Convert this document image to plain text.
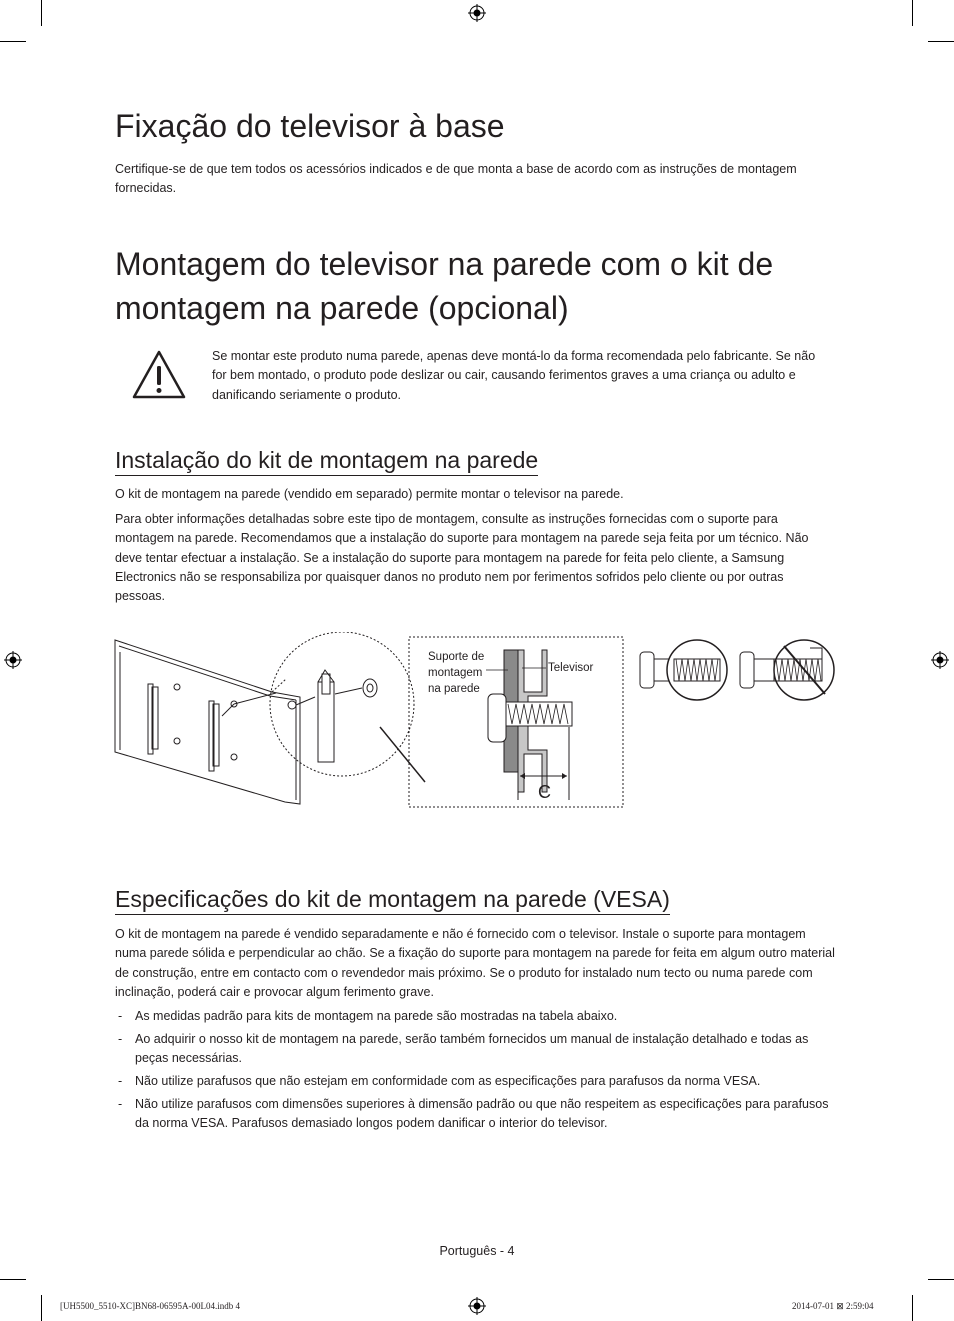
Fixação do televisor à base

Certifique-se de que tem todos os acessórios indicados e de que monta a base de acordo com as instruções de montagem fornecidas.

Montagem do televisor na parede com o kit de montagem na parede (opcional)

Se montar este produto numa parede, apenas deve montá-lo da forma recomendada pelo fabricante. Se não for bem montado, o produto pode deslizar ou cair, causando ferimentos graves a uma criança ou adulto e danificando seriamente o produto.

Instalação do kit de montagem na parede

O kit de montagem na parede (vendido em separado) permite montar o televisor na parede.

Para obter informações detalhadas sobre este tipo de montagem, consulte as instruções fornecidas com o suporte para montagem na parede. Recomendamos que a instalação do suporte para montagem na parede seja feita por um técnico. Não deve tentar efectuar a instalação. Se a instalação do suporte para montagem na parede for feita pelo cliente, a Samsung Electronics não se responsabiliza por quaisquer danos no produto nem por ferimentos sofridos pelo cliente ou por outras pessoas.

Suporte de
montagem
na parede
Televisor
C
Especificações do kit de montagem na parede (VESA)

O kit de montagem na parede é vendido separadamente e não é fornecido com o televisor. Instale o suporte para montagem numa parede sólida e perpendicular ao chão. Se a fixação do suporte para montagem na parede for feita em algum outro material de construção, entre em contacto com o revendedor mais próximo. Se o produto for instalado num tecto ou numa parede com inclinação, poderá cair e provocar algum ferimento grave.

- As medidas padrão para kits de montagem na parede são mostradas na tabela abaixo.
- Ao adquirir o nosso kit de montagem na parede, serão também fornecidos um manual de instalação detalhado e todas as peças necessárias.
- Não utilize parafusos que não estejam em conformidade com as especificações para parafusos da norma VESA.
- Não utilize parafusos com dimensões superiores à dimensão padrão ou que não respeitem as especificações para parafusos da norma VESA. Parafusos demasiado longos podem danificar o interior do televisor.
Português - 4
[UH5500_5510-XC]BN68-06595A-00L04.indb 4	2014-07-01 ⊠ 2:59:04
